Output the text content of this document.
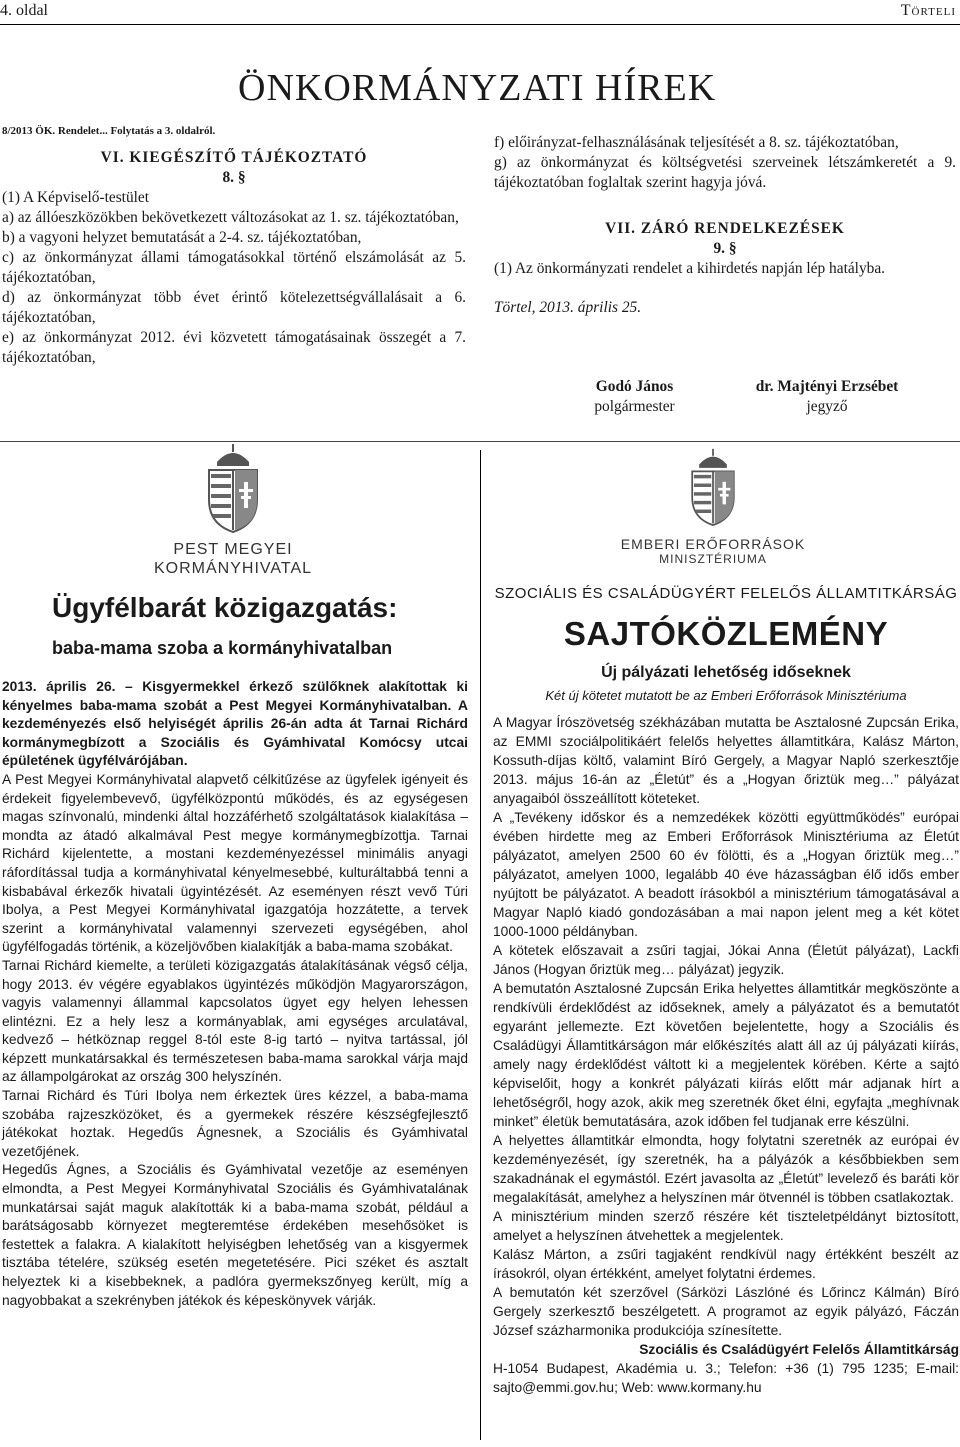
4. oldal	Törteli
ÖNKORMÁNYZATI HÍREK
8/2013 ÖK. Rendelet... Folytatás a 3. oldalról.
VI. KIEGÉSZÍTŐ TÁJÉKOZTATÓ
8. §
(1) A Képviselő-testület
a) az állóeszközökben bekövetkezett változásokat az 1. sz. tájékoztatóban,
b) a vagyoni helyzet bemutatását a 2-4. sz. tájékoztatóban,
c) az önkormányzat állami támogatásokkal történő elszámolását az 5. tájékoztatóban,
d) az önkormányzat több évet érintő kötelezettségvállalásait a 6. tájékoztatóban,
e) az önkormányzat 2012. évi közvetett támogatásainak összegét a 7. tájékoztatóban,
f) előirányzat-felhasználásának teljesítését a 8. sz. tájékoztatóban,
g) az önkormányzat és költségvetési szerveinek létszámkeretét a 9. tájékoztatóban foglaltak szerint hagyja jóvá.
VII. ZÁRÓ RENDELKEZÉSEK
9. §
(1) Az önkormányzati rendelet a kihirdetés napján lép hatályba.
Törtel, 2013. április 25.
Godó János
polgármester
dr. Majtényi Erzsébet
jegyző
PEST MEGYEI
KORMÁNYHIVATAL
EMBERI ERŐFORRÁSOK
MINISZTÉRIUMA
Ügyfélbarát közigazgatás:
baba-mama szoba a kormányhivatalban

2013. április 26. – Kisgyermekkel érkező szülőknek alakítottak ki kényelmes baba-mama szobát a Pest Megyei Kormányhivatalban. A kezdeményezés első helyiségét április 26-án adta át Tarnai Richárd kormánymegbízott a Szociális és Gyámhivatal Komócsy utcai épületének ügyfélvárójában.

A Pest Megyei Kormányhivatal alapvető célkitűzése az ügyfelek igényeit és érdekeit figyelembevevő, ügyfélközpontú működés, és az egységesen magas színvonalú, mindenki által hozzáférhető szolgáltatások kialakítása – mondta az átadó alkalmával Pest megye kormánymegbízottja. Tarnai Richárd kijelentette, a mostani kezdeményezéssel minimális anyagi ráfordítással tudja a kormányhivatal kényelmesebbé, kulturáltabbá tenni a kisbabával érkezők hivatali ügyintézését. Az eseményen részt vevő Túri Ibolya, a Pest Megyei Kormányhivatal igazgatója hozzátette, a tervek szerint a kormányhivatal valamennyi szervezeti egységében, ahol ügyfélfogadás történik, a közeljövőben kialakítják a baba-mama szobákat.

Tarnai Richárd kiemelte, a területi közigazgatás átalakításának végső célja, hogy 2013. év végére egyablakos ügyintézés működjön Magyarországon, vagyis valamennyi állammal kapcsolatos ügyet egy helyen lehessen elintézni. Ez a hely lesz a kormányablak, ami egységes arculatával, kedvező – hétköznap reggel 8-tól este 8-ig tartó – nyitva tartással, jól képzett munkatársakkal és természetesen baba-mama sarokkal várja majd az állampolgárokat az ország 300 helyszínén.

Tarnai Richárd és Túri Ibolya nem érkeztek üres kézzel, a baba-mama szobába rajzeszközöket, és a gyermekek részére készségfejlesztő játékokat hoztak. Hegedűs Ágnesnek, a Szociális és Gyámhivatal vezetőjének.

Hegedűs Ágnes, a Szociális és Gyámhivatal vezetője az eseményen elmondta, a Pest Megyei Kormányhivatal Szociális és Gyámhivatalának munkatársai saját maguk alakították ki a baba-mama szobát, például a barátságosabb környezet megteremtése érdekében mesehősöket is festettek a falakra. A kialakított helyiségben lehetőség van a kisgyermek tisztába tételére, szükség esetén megetetésére. Pici széket és asztalt helyeztek ki a kisebbeknek, a padlóra gyermekszőnyeg került, míg a nagyobbakat a szekrényben játékok és képeskönyvek várják.

SZOCIÁLIS ÉS CSALÁDÜGYÉRT FELELŐS ÁLLAMTITKÁRSÁG
SAJTÓKÖZLEMÉNY
Új pályázati lehetőség időseknek
Két új kötetet mutatott be az Emberi Erőforrások Minisztériuma

A Magyar Írószövetség székházában mutatta be Asztalosné Zupcsán Erika, az EMMI szociálpolitikáért felelős helyettes államtitkára, Kalász Márton, Kossuth-díjas költő, valamint Bíró Gergely, a Magyar Napló szerkesztője 2013. május 16-án az „Életút” és a „Hogyan őriztük meg…” pályázat anyagaiból összeállított köteteket.

A „Tevékeny időskor és a nemzedékek közötti együttműködés” európai évében hirdette meg az Emberi Erőforrások Minisztériuma az Életút pályázatot, amelyen 2500 60 év fölötti, és a „Hogyan őriztük meg…” pályázatot, amelyen 1000, legalább 40 éve házasságban élő idős ember nyújtott be pályázatot. A beadott írásokból a minisztérium támogatásával a Magyar Napló kiadó gondozásában a mai napon jelent meg a két kötet 1000-1000 példányban.

A kötetek előszavait a zsűri tagjai, Jókai Anna (Életút pályázat), Lackfi János (Hogyan őriztük meg… pályázat) jegyzik.

A bemutatón Asztalosné Zupcsán Erika helyettes államtitkár megköszönte a rendkívüli érdeklődést az időseknek, amely a pályázatot és a bemutatót egyaránt jellemezte. Ezt követően bejelentette, hogy a Szociális és Családügyi Államtitkárságon már előkészítés alatt áll az új pályázati kiírás, amely nagy érdeklődést váltott ki a megjelentek körében. Kérte a sajtó képviselőit, hogy a konkrét pályázati kiírás előtt már adjanak hírt a lehetőségről, hogy azok, akik meg szeretnék őket élni, egyfajta „meghívnak minket” életük bemutatására, azok időben fel tudjanak erre készülni.

A helyettes államtitkár elmondta, hogy folytatni szeretnék az európai év kezdeményezését, így szeretnék, ha a pályázók a későbbiekben sem szakadnának el egymástól. Ezért javasolta az „Életút” levelező és baráti kör megalakítását, amelyhez a helyszínen már ötvennél is többen csatlakoztak.

A minisztérium minden szerző részére két tiszteletpéldányt biztosított, amelyet a helyszínen átvehettek a megjelentek.

Kalász Márton, a zsűri tagjaként rendkívül nagy értékként beszélt az írásokról, olyan értékként, amelyet folytatni érdemes.

A bemutatón két szerzővel (Sárközi Lászlóné és Lőrincz Kálmán) Bíró Gergely szerkesztő beszélgetett. A programot az egyik pályázó, Fáczán József százharmonika produkciója színesítette.

Szociális és Családügyért Felelős Államtitkárság

H-1054 Budapest, Akadémia u. 3.; Telefon: +36 (1) 795 1235; E-mail: sajto@emmi.gov.hu; Web: www.kormany.hu
